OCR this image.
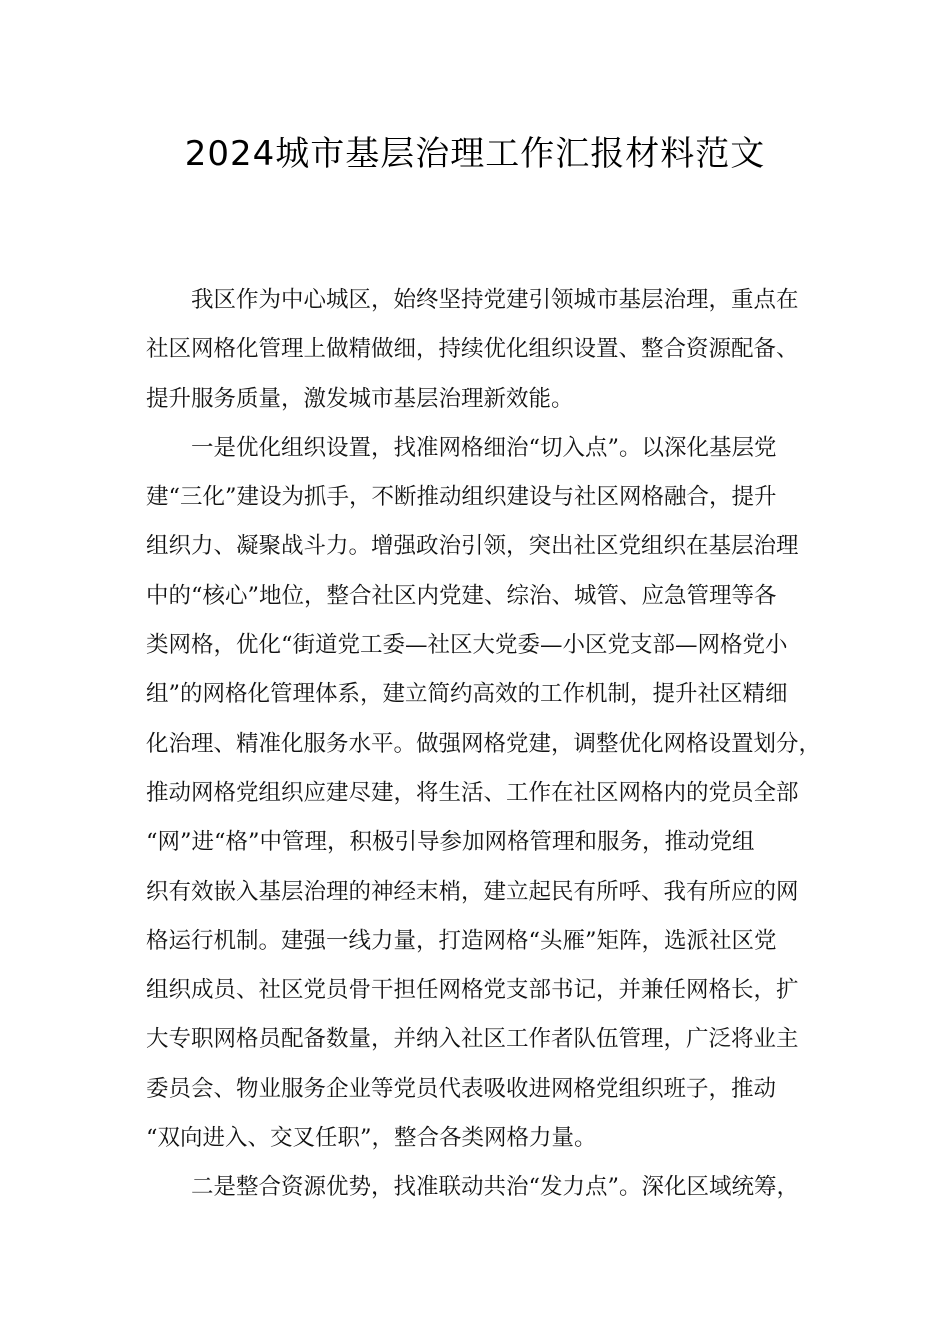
2024城市基层治理工作汇报材料范文

我区作为中心城区，始终坚持党建引领城市基层治理，重点在
社区网格化管理上做精做细，持续优化组织设置、整合资源配备、
提升服务质量，激发城市基层治理新效能。

一是优化组织设置，找准网格细治“切入点”。以深化基层党
建“三化”建设为抓手，不断推动组织建设与社区网格融合，提升
组织力、凝聚战斗力。增强政治引领，突出社区党组织在基层治理
中的“核心”地位，整合社区内党建、综治、城管、应急管理等各
类网格，优化“街道党工委—社区大党委—小区党支部—网格党小
组”的网格化管理体系，建立简约高效的工作机制，提升社区精细
化治理、精准化服务水平。做强网格党建，调整优化网格设置划分，
推动网格党组织应建尽建，将生活、工作在社区网格内的党员全部
“网”进“格”中管理，积极引导参加网格管理和服务，推动党组
织有效嵌入基层治理的神经末梢，建立起民有所呼、我有所应的网
格运行机制。建强一线力量，打造网格“头雁”矩阵，选派社区党
组织成员、社区党员骨干担任网格党支部书记，并兼任网格长，扩
大专职网格员配备数量，并纳入社区工作者队伍管理，广泛将业主
委员会、物业服务企业等党员代表吸收进网格党组织班子，推动
“双向进入、交叉任职”，整合各类网格力量。

二是整合资源优势，找准联动共治“发力点”。深化区域统筹，
